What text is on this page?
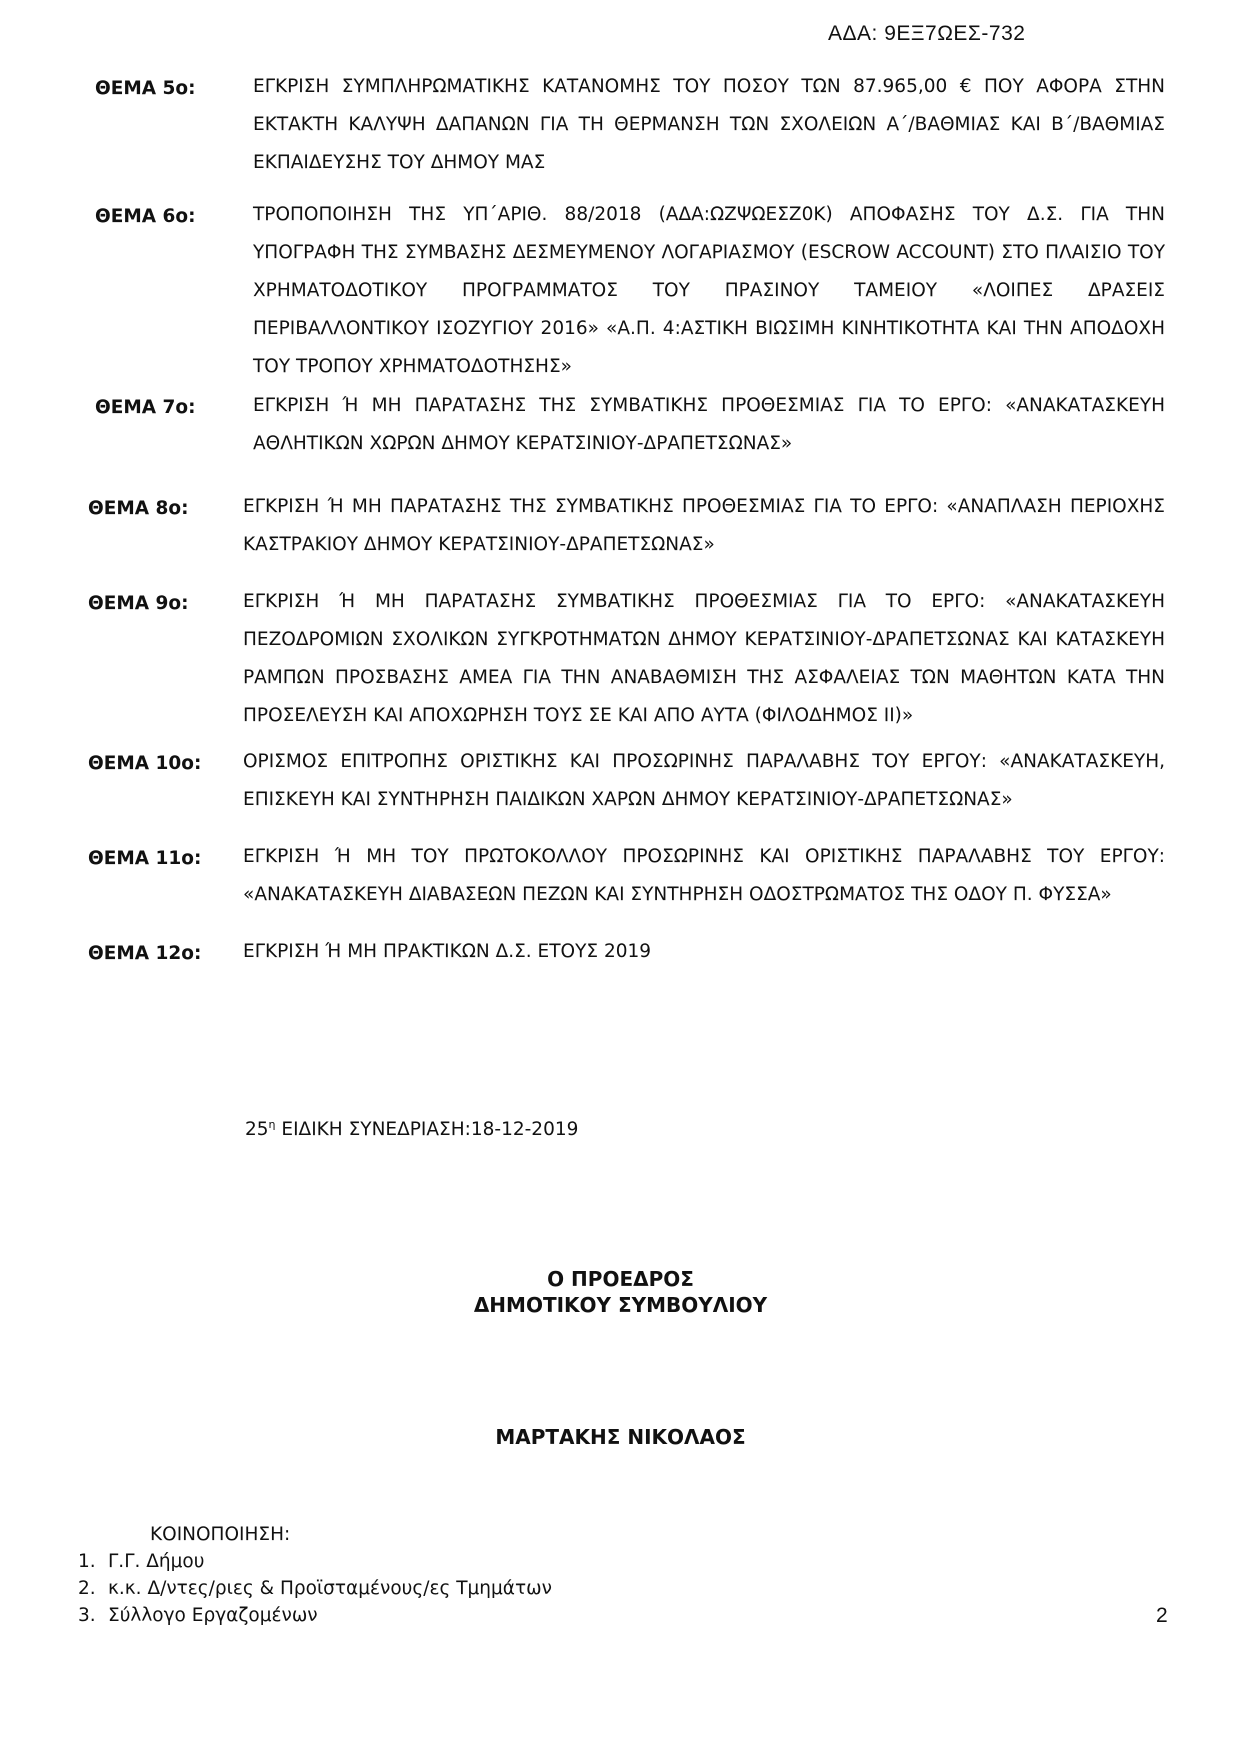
ΑΔΑ: 9ΕΞ7ΩΕΣ-732
ΘΕΜΑ 5ο:	ΕΓΚΡΙΣΗ ΣΥΜΠΛΗΡΩΜΑΤΙΚΗΣ ΚΑΤΑΝΟΜΗΣ ΤΟΥ ΠΟΣΟΥ ΤΩΝ 87.965,00 € ΠΟΥ ΑΦΟΡΑ ΣΤΗΝ ΕΚΤΑΚΤΗ ΚΑΛΥΨΗ ΔΑΠΑΝΩΝ ΓΙΑ ΤΗ ΘΕΡΜΑΝΣΗ ΤΩΝ ΣΧΟΛΕΙΩΝ Α΄/ΒΑΘΜΙΑΣ ΚΑΙ Β΄/ΒΑΘΜΙΑΣ ΕΚΠΑΙΔΕΥΣΗΣ ΤΟΥ ΔΗΜΟΥ ΜΑΣ
ΘΕΜΑ 6ο:	ΤΡΟΠΟΠΟΙΗΣΗ ΤΗΣ ΥΠ΄ΑΡΙΘ. 88/2018 (ΑΔΑ:ΩΖΨΩΕΣΖ0Κ) ΑΠΟΦΑΣΗΣ ΤΟΥ Δ.Σ. ΓΙΑ ΤΗΝ ΥΠΟΓΡΑΦΗ ΤΗΣ ΣΥΜΒΑΣΗΣ ΔΕΣΜΕΥΜΕΝΟΥ ΛΟΓΑΡΙΑΣΜΟΥ (ESCROW ACCOUNT) ΣΤΟ ΠΛΑΙΣΙΟ ΤΟΥ ΧΡΗΜΑΤΟΔΟΤΙΚΟΥ ΠΡΟΓΡΑΜΜΑΤΟΣ ΤΟΥ ΠΡΑΣΙΝΟΥ ΤΑΜΕΙΟΥ «ΛΟΙΠΕΣ ΔΡΑΣΕΙΣ ΠΕΡΙΒΑΛΛΟΝΤΙΚΟΥ ΙΣΟΖΥΓΙΟΥ 2016» «Α.Π. 4:ΑΣΤΙΚΗ ΒΙΩΣΙΜΗ ΚΙΝΗΤΙΚΟΤΗΤΑ ΚΑΙ ΤΗΝ ΑΠΟΔΟΧΗ ΤΟΥ ΤΡΟΠΟΥ ΧΡΗΜΑΤΟΔΟΤΗΣΗΣ»
ΘΕΜΑ 7ο:	ΕΓΚΡΙΣΗ Ή ΜΗ ΠΑΡΑΤΑΣΗΣ ΤΗΣ ΣΥΜΒΑΤΙΚΗΣ ΠΡΟΘΕΣΜΙΑΣ ΓΙΑ ΤΟ ΕΡΓΟ: «ΑΝΑΚΑΤΑΣΚΕΥΗ ΑΘΛΗΤΙΚΩΝ ΧΩΡΩΝ ΔΗΜΟΥ ΚΕΡΑΤΣΙΝΙΟΥ-ΔΡΑΠΕΤΣΩΝΑΣ»
ΘΕΜΑ 8ο:	ΕΓΚΡΙΣΗ Ή ΜΗ ΠΑΡΑΤΑΣΗΣ ΤΗΣ ΣΥΜΒΑΤΙΚΗΣ ΠΡΟΘΕΣΜΙΑΣ ΓΙΑ ΤΟ ΕΡΓΟ: «ΑΝΑΠΛΑΣΗ ΠΕΡΙΟΧΗΣ ΚΑΣΤΡΑΚΙΟΥ ΔΗΜΟΥ ΚΕΡΑΤΣΙΝΙΟΥ-ΔΡΑΠΕΤΣΩΝΑΣ»
ΘΕΜΑ 9ο:	ΕΓΚΡΙΣΗ Ή ΜΗ ΠΑΡΑΤΑΣΗΣ ΣΥΜΒΑΤΙΚΗΣ ΠΡΟΘΕΣΜΙΑΣ ΓΙΑ ΤΟ ΕΡΓΟ: «ΑΝΑΚΑΤΑΣΚΕΥΗ ΠΕΖΟΔΡΟΜΙΩΝ ΣΧΟΛΙΚΩΝ ΣΥΓΚΡΟΤΗΜΑΤΩΝ ΔΗΜΟΥ ΚΕΡΑΤΣΙΝΙΟΥ-ΔΡΑΠΕΤΣΩΝΑΣ ΚΑΙ ΚΑΤΑΣΚΕΥΗ ΡΑΜΠΩΝ ΠΡΟΣΒΑΣΗΣ ΑΜΕΑ ΓΙΑ ΤΗΝ ΑΝΑΒΑΘΜΙΣΗ ΤΗΣ ΑΣΦΑΛΕΙΑΣ ΤΩΝ ΜΑΘΗΤΩΝ ΚΑΤΑ ΤΗΝ ΠΡΟΣΕΛΕΥΣΗ ΚΑΙ ΑΠΟΧΩΡΗΣΗ ΤΟΥΣ ΣΕ ΚΑΙ ΑΠΟ ΑΥΤΑ (ΦΙΛΟΔΗΜΟΣ ΙΙ)»
ΘΕΜΑ 10ο: ΟΡΙΣΜΟΣ ΕΠΙΤΡΟΠΗΣ ΟΡΙΣΤΙΚΗΣ ΚΑΙ ΠΡΟΣΩΡΙΝΗΣ ΠΑΡΑΛΑΒΗΣ ΤΟΥ ΕΡΓΟΥ: «ΑΝΑΚΑΤΑΣΚΕΥΗ, ΕΠΙΣΚΕΥΗ ΚΑΙ ΣΥΝΤΗΡΗΣΗ ΠΑΙΔΙΚΩΝ ΧΑΡΩΝ ΔΗΜΟΥ ΚΕΡΑΤΣΙΝΙΟΥ-ΔΡΑΠΕΤΣΩΝΑΣ»
ΘΕΜΑ 11ο: ΕΓΚΡΙΣΗ Ή ΜΗ ΤΟΥ ΠΡΩΤΟΚΟΛΛΟΥ ΠΡΟΣΩΡΙΝΗΣ ΚΑΙ ΟΡΙΣΤΙΚΗΣ ΠΑΡΑΛΑΒΗΣ ΤΟΥ ΕΡΓΟΥ: «ΑΝΑΚΑΤΑΣΚΕΥΗ ΔΙΑΒΑΣΕΩΝ ΠΕΖΩΝ ΚΑΙ ΣΥΝΤΗΡΗΣΗ ΟΔΟΣΤΡΩΜΑΤΟΣ ΤΗΣ ΟΔΟΥ Π. ΦΥΣΣΑ»
ΘΕΜΑ 12ο: ΕΓΚΡΙΣΗ Ή ΜΗ ΠΡΑΚΤΙΚΩΝ Δ.Σ. ΕΤΟΥΣ 2019
$25^\eta$ ΕΙΔΙΚΗ ΣΥΝΕΔΡΙΑΣΗ:18-12-2019
Ο ΠΡΟΕΔΡΟΣ
ΔΗΜΟΤΙΚΟΥ ΣΥΜΒΟΥΛΙΟΥ
ΜΑΡΤΑΚΗΣ ΝΙΚΟΛΑΟΣ
ΚΟΙΝΟΠΟΙΗΣΗ:
1. Γ.Γ. Δήμου
2. κ.κ. Δ/ντες/ριες & Προϊσταμένους/ες Τμημάτων
3. Σύλλογο Εργαζομένων	2
